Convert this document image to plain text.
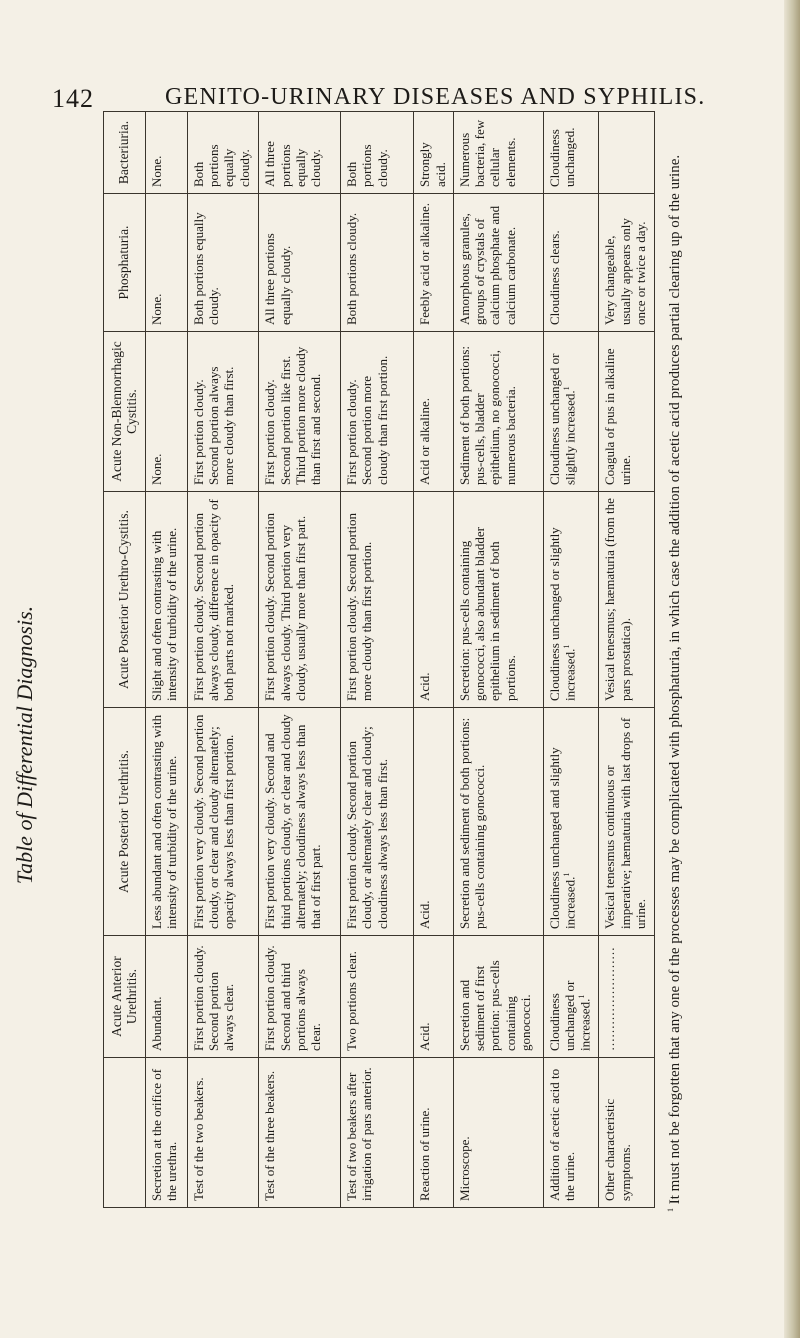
142	GENITO-URINARY DISEASES AND SYPHILIS.
Table of Differential Diagnosis.
	Acute Anterior Urethritis.	Acute Posterior Urethritis.	Acute Posterior Urethro-Cystitis.	Acute Non-Blennorrhagic Cystitis.	Phosphaturia.	Bacteriuria.
Secretion at the orifice of the urethra.	Abundant.	Less abundant and often contrasting with intensity of turbidity of the urine.	Slight and often contrasting with intensity of turbidity of the urine.	None.	None.	None.
Test of the two beakers.	First portion cloudy. Second portion always clear.	First portion very cloudy. Second portion cloudy, or clear and cloudy alternately; opacity always less than first portion.	First portion cloudy. Second portion always cloudy, difference in opacity of both parts not marked.	First portion cloudy. Second portion always more cloudy than first.	Both portions equally cloudy.	Both portions equally cloudy.
Test of the three beakers.	First portion cloudy. Second and third portions always clear.	First portion very cloudy. Second and third portions cloudy, or clear and cloudy alternately; cloudiness always less than that of first part.	First portion cloudy. Second portion always cloudy. Third portion very cloudy, usually more than first part.	First portion cloudy. Second portion like first. Third portion more cloudy than first and second.	All three portions equally cloudy.	All three portions equally cloudy.
Test of two beakers after irrigation of pars anterior.	Two portions clear.	First portion cloudy. Second portion cloudy, or alternately clear and cloudy; cloudiness always less than first.	First portion cloudy. Second portion more cloudy than first portion.	First portion cloudy. Second portion more cloudy than first portion.	Both portions cloudy.	Both portions cloudy.
Reaction of urine.	Acid.	Acid.	Acid.	Acid or alkaline.	Feebly acid or alkaline.	Strongly acid.
Microscope.	Secretion and sediment of first portion: pus-cells containing gonococci.	Secretion and sediment of both portions: pus-cells containing gonococci.	Secretion: pus-cells containing gonococci, also abundant bladder epithelium in sediment of both portions.	Sediment of both portions: pus-cells, bladder epithelium, no gonococci, numerous bacteria.	Amorphous granules, groups of crystals of calcium phosphate and calcium carbonate.	Numerous bacteria, few cellular elements.
Addition of acetic acid to the urine.	Cloudiness unchanged or increased.$^1$	Cloudiness unchanged and slightly increased.$^1$	Cloudiness unchanged or slightly increased.$^1$	Cloudiness unchanged or slightly increased.$^1$	Cloudiness clears.	Cloudiness unchanged.
Other characteristic symptoms.	……………………	Vesical tenesmus continuous or imperative; hæmaturia with last drops of urine.	Vesical tenesmus; hæmaturia (from the pars prostatica).	Coagula of pus in alkaline urine.	Very changeable, usually appears only once or twice a day.	
$^1$ It must not be forgotten that any one of the processes may be complicated with phosphaturia, in which case the addition of acetic acid produces partial clearing up of the urine.
